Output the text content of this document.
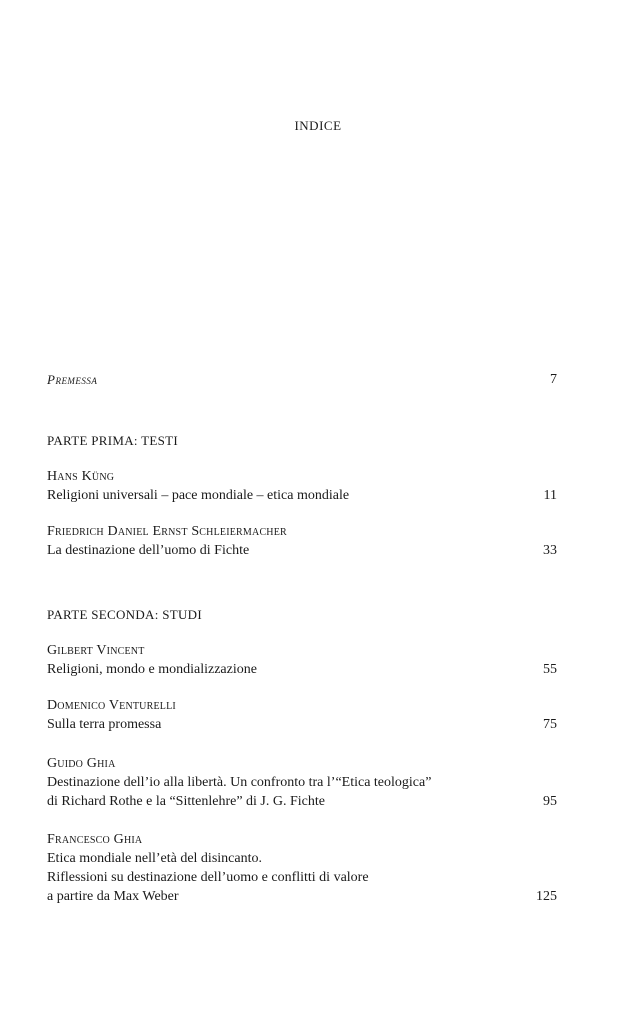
INDICE
Premessa	7
PARTE PRIMA: TESTI
Hans Küng
Religioni universali – pace mondiale – etica mondiale	11
Friedrich Daniel Ernst Schleiermacher
La destinazione dell’uomo di Fichte	33
PARTE SECONDA: STUDI
Gilbert Vincent
Religioni, mondo e mondializzazione	55
Domenico Venturelli
Sulla terra promessa	75
Guido Ghia
Destinazione dell’io alla libertà. Un confronto tra l’“Etica teologica”
di Richard Rothe e la “Sittenlehre” di J. G. Fichte	95
Francesco Ghia
Etica mondiale nell’età del disincanto.
Riflessioni su destinazione dell’uomo e conflitti di valore
a partire da Max Weber	125
